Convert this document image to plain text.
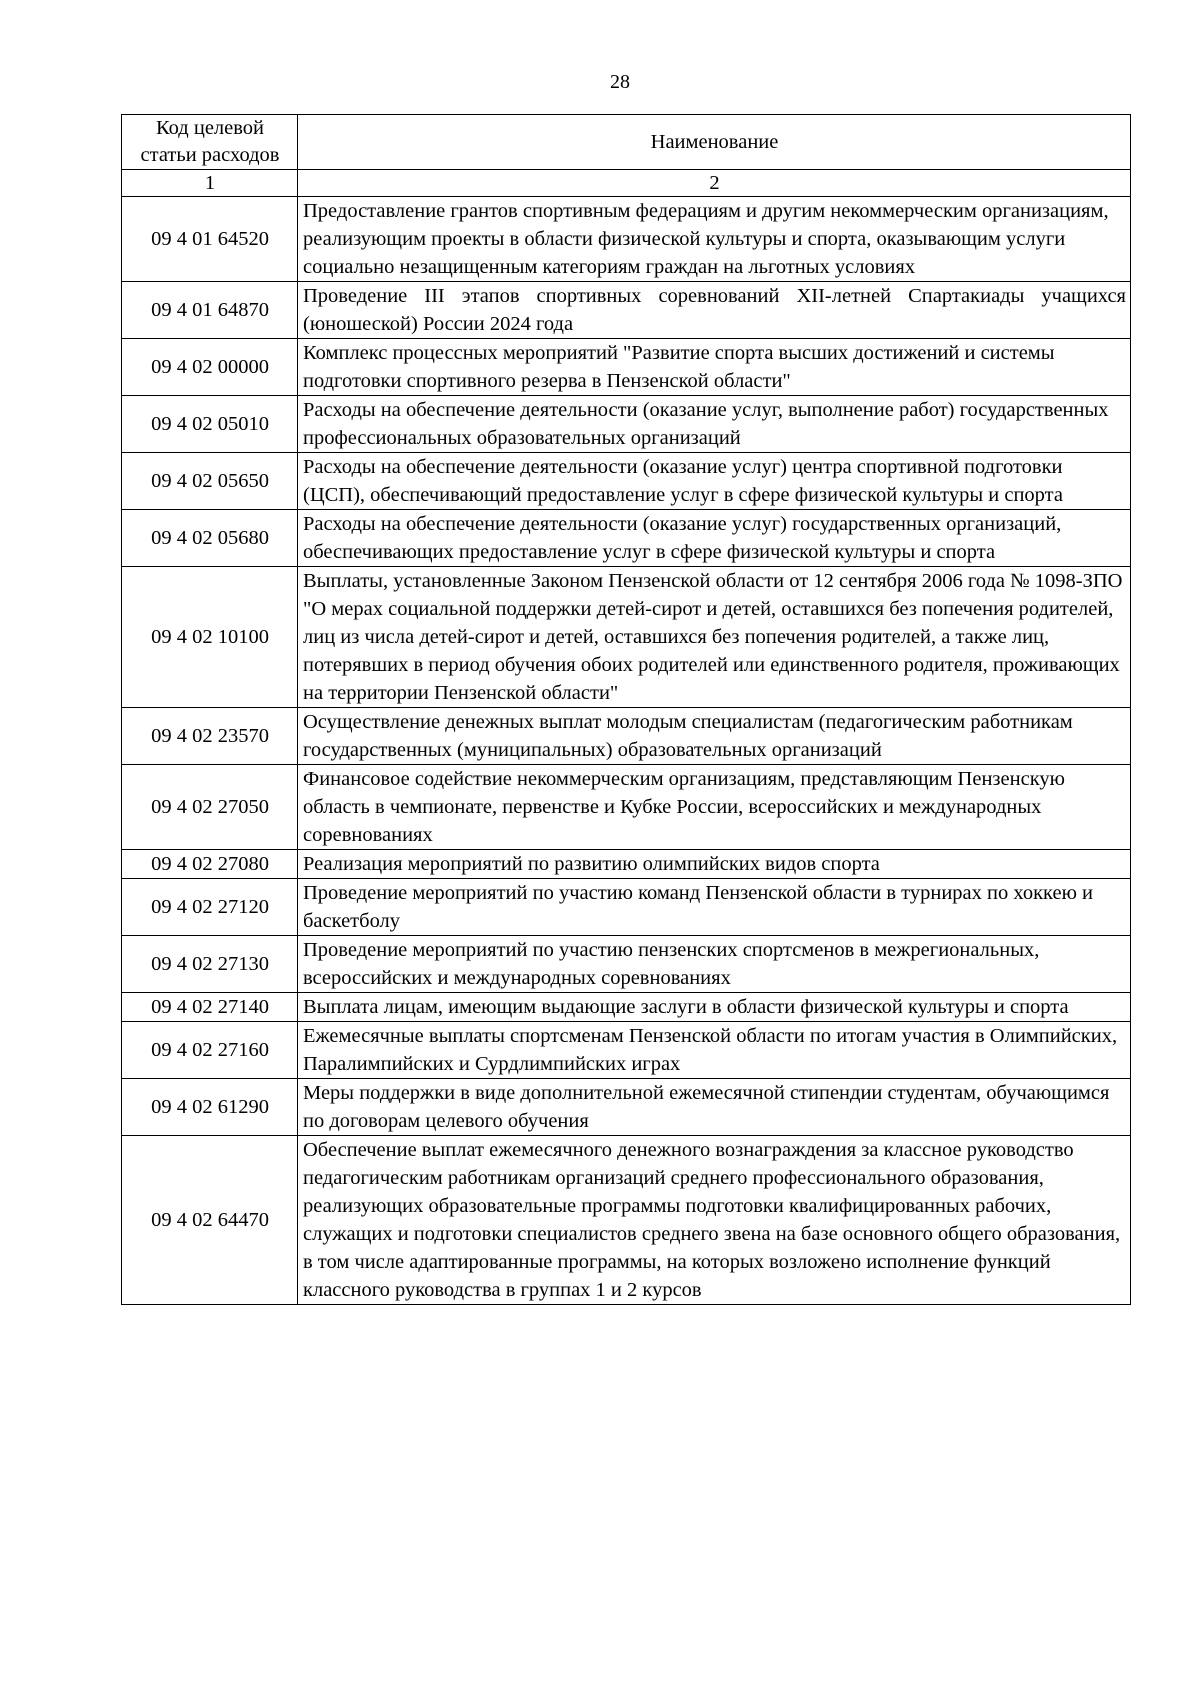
28
Код целевой статьи расходов	Наименование
1	2
09 4 01 64520	Предоставление грантов спортивным федерациям и другим некоммерческим организациям, реализующим проекты в области физической культуры и спорта, оказывающим услуги социально незащищенным категориям граждан на льготных условиях
09 4 01 64870	Проведение III этапов спортивных соревнований XII-летней Спартакиады учащихся (юношеской) России 2024 года
09 4 02 00000	Комплекс процессных мероприятий "Развитие спорта высших достижений и системы подготовки спортивного резерва в Пензенской области"
09 4 02 05010	Расходы на обеспечение деятельности (оказание услуг, выполнение работ) государственных профессиональных образовательных организаций
09 4 02 05650	Расходы на обеспечение деятельности (оказание услуг) центра спортивной подготовки (ЦСП), обеспечивающий предоставление услуг в сфере физической культуры и спорта
09 4 02 05680	Расходы на обеспечение деятельности (оказание услуг) государственных организаций, обеспечивающих предоставление услуг в сфере физической культуры и спорта
09 4 02 10100	Выплаты, установленные Законом Пензенской области от 12 сентября 2006 года № 1098-ЗПО "О мерах социальной поддержки детей-сирот и детей, оставшихся без попечения родителей, лиц из числа детей-сирот и детей, оставшихся без попечения родителей, а также лиц, потерявших в период обучения обоих родителей или единственного родителя, проживающих на территории Пензенской области"
09 4 02 23570	Осуществление денежных выплат молодым специалистам (педагогическим работникам государственных (муниципальных) образовательных организаций
09 4 02 27050	Финансовое содействие некоммерческим организациям, представляющим Пензенскую область в чемпионате, первенстве и Кубке России, всероссийских и международных соревнованиях
09 4 02 27080	Реализация мероприятий по развитию олимпийских видов спорта
09 4 02 27120	Проведение мероприятий по участию команд Пензенской области в турнирах по хоккею и баскетболу
09 4 02 27130	Проведение мероприятий по участию пензенских спортсменов в межрегиональных, всероссийских и международных соревнованиях
09 4 02 27140	Выплата лицам, имеющим выдающие заслуги в области физической культуры и спорта
09 4 02 27160	Ежемесячные выплаты спортсменам Пензенской области по итогам участия в Олимпийских, Паралимпийских и Сурдлимпийских играх
09 4 02 61290	Меры поддержки в виде дополнительной ежемесячной стипендии студентам, обучающимся по договорам целевого обучения
09 4 02 64470	Обеспечение выплат ежемесячного денежного вознаграждения за классное руководство педагогическим работникам организаций среднего профессионального образования, реализующих образовательные программы подготовки квалифицированных рабочих, служащих и подготовки специалистов среднего звена на базе основного общего образования, в том числе адаптированные программы, на которых возложено исполнение функций классного руководства в группах 1 и 2 курсов
